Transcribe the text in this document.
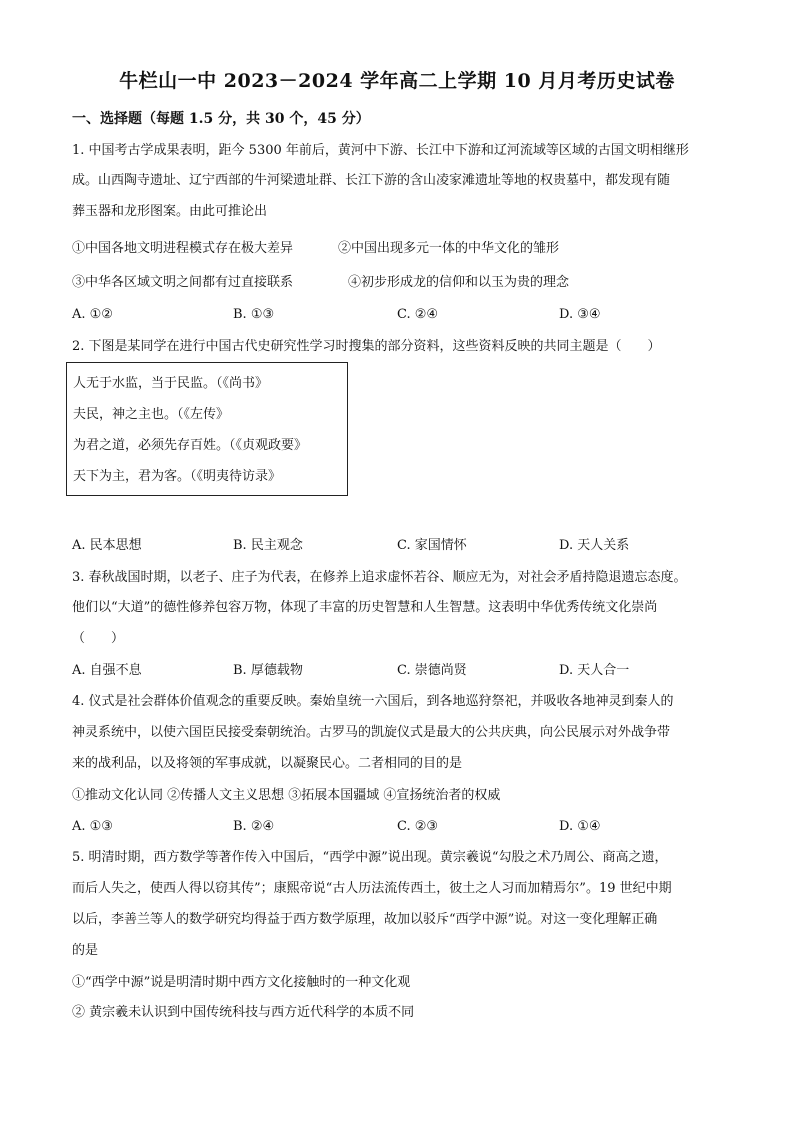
牛栏山一中 2023－2024 学年高二上学期 10 月月考历史试卷
一、选择题（每题 1.5 分，共 30 个，45 分）
1. 中国考古学成果表明，距今 5300 年前后，黄河中下游、长江中下游和辽河流域等区域的古国文明相继形
成。山西陶寺遗址、辽宁西部的牛河梁遗址群、长江下游的含山凌家滩遗址等地的权贵墓中，都发现有随
葬玉器和龙形图案。由此可推论出
①中国各地文明进程模式存在极大差异	②中国出现多元一体的中华文化的雏形
③中华各区域文明之间都有过直接联系	④初步形成龙的信仰和以玉为贵的理念
A. ①②	B. ①③	C. ②④	D. ③④
2. 下图是某同学在进行中国古代史研究性学习时搜集的部分资料，这些资料反映的共同主题是（　　）
人无于水监，当于民监。（《尚书》
夫民，神之主也。（《左传》
为君之道，必须先存百姓。（《贞观政要》
天下为主，君为客。（《明夷待访录》
A. 民本思想	B. 民主观念	C. 家国情怀	D. 天人关系
3. 春秋战国时期，以老子、庄子为代表，在修养上追求虚怀若谷、顺应无为，对社会矛盾持隐退遗忘态度。
他们以“大道”的德性修养包容万物，体现了丰富的历史智慧和人生智慧。这表明中华优秀传统文化崇尚
（　　）
A. 自强不息	B. 厚德载物	C. 崇德尚贤	D. 天人合一
4. 仪式是社会群体价值观念的重要反映。秦始皇统一六国后，到各地巡狩祭祀，并吸收各地神灵到秦人的
神灵系统中，以使六国臣民接受秦朝统治。古罗马的凯旋仪式是最大的公共庆典，向公民展示对外战争带
来的战利品，以及将领的军事成就，以凝聚民心。二者相同的目的是
①推动文化认同 ②传播人文主义思想 ③拓展本国疆域 ④宣扬统治者的权威
A. ①③	B. ②④	C. ②③	D. ①④
5. 明清时期，西方数学等著作传入中国后，“西学中源”说出现。黄宗羲说“勾股之术乃周公、商高之遗，
而后人失之，使西人得以窃其传”；康熙帝说“古人历法流传西土，彼土之人习而加精焉尔”。19 世纪中期
以后，李善兰等人的数学研究均得益于西方数学原理，故加以驳斥“西学中源”说。对这一变化理解正确
的是
①“西学中源”说是明清时期中西方文化接触时的一种文化观
② 黄宗羲未认识到中国传统科技与西方近代科学的本质不同
